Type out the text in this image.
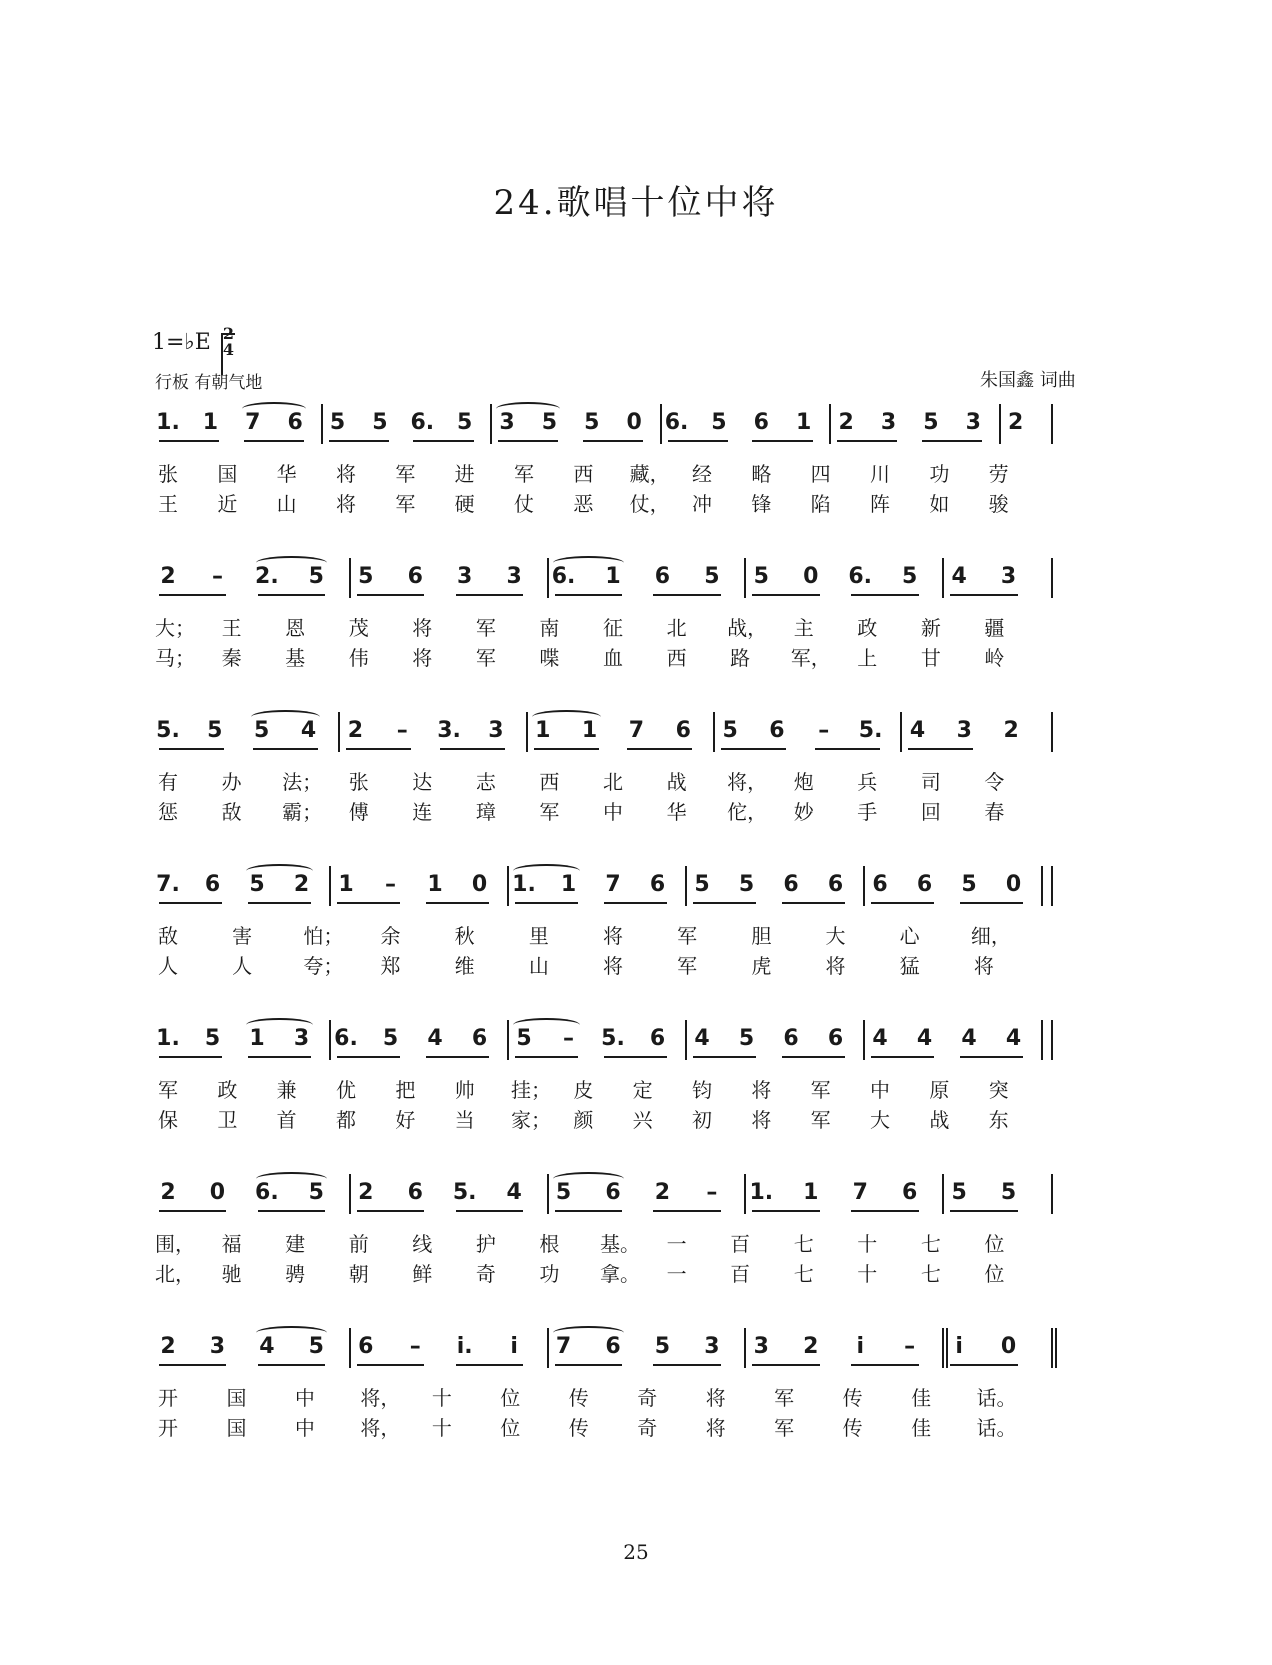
24.歌唱十位中将
1=♭E 2
4
行板 有朝气地	朱国鑫 词曲
1. 1 7 6 5 5 6. 5 3 5 5 0 6. 5 6 1 2 3 5 3 2
张 国 华 将 军 进 军 西 藏， 经 略 四 川 功 劳
王 近 山 将 军 硬 仗 恶 仗， 冲 锋 陷 阵 如 骏
2	–	2. 5 5 6 3 3 6. 1 6 5 5 0 6. 5 4 3
大； 王 恩 茂 将 军 南 征 北 战， 主 政 新 疆
马； 秦 基 伟 将 军 喋 血 西 路 军， 上 甘 岭
5. 5 5 4 2	–	3. 3 1 1 7 6 5 6	–	5. 4 3 2
有 办 法； 张 达 志 西 北 战 将， 炮 兵 司 令
惩 敌 霸； 傅 连 璋 军 中 华 佗， 妙 手 回 春
7. 6 5 2 1	–	1 0 1. 1 7 6 5 5 6 6 6 6 5 0
敌	害	怕； 余	秋	里	将	军	胆	大	心	细，
人	人	夸； 郑	维	山	将	军	虎	将	猛	将
1. 5 1 3 6. 5 4 6 5	–	5. 6 4 5 6 6 4 4 4 4
军 政 兼 优 把 帅 挂； 皮 定 钧 将 军 中 原 突
保 卫 首 都 好 当 家； 颜 兴 初 将 军 大 战 东
2 0 6. 5 2 6 5. 4 5 6 2	–	1. 1 7 6 5 5
围， 福 建 前 线 护 根 基。 一 百 七 十 七 位
北， 驰 骋 朝 鲜 奇 功 拿。 一 百 七 十 七 位
2 3 4 5 6	–	i.	i	7 6 5 3 3 2	i	–	i	0
开 国 中 将， 十 位 传 奇 将 军 传 佳 话。
开 国 中 将， 十 位 传 奇 将 军 传 佳 话。
25
